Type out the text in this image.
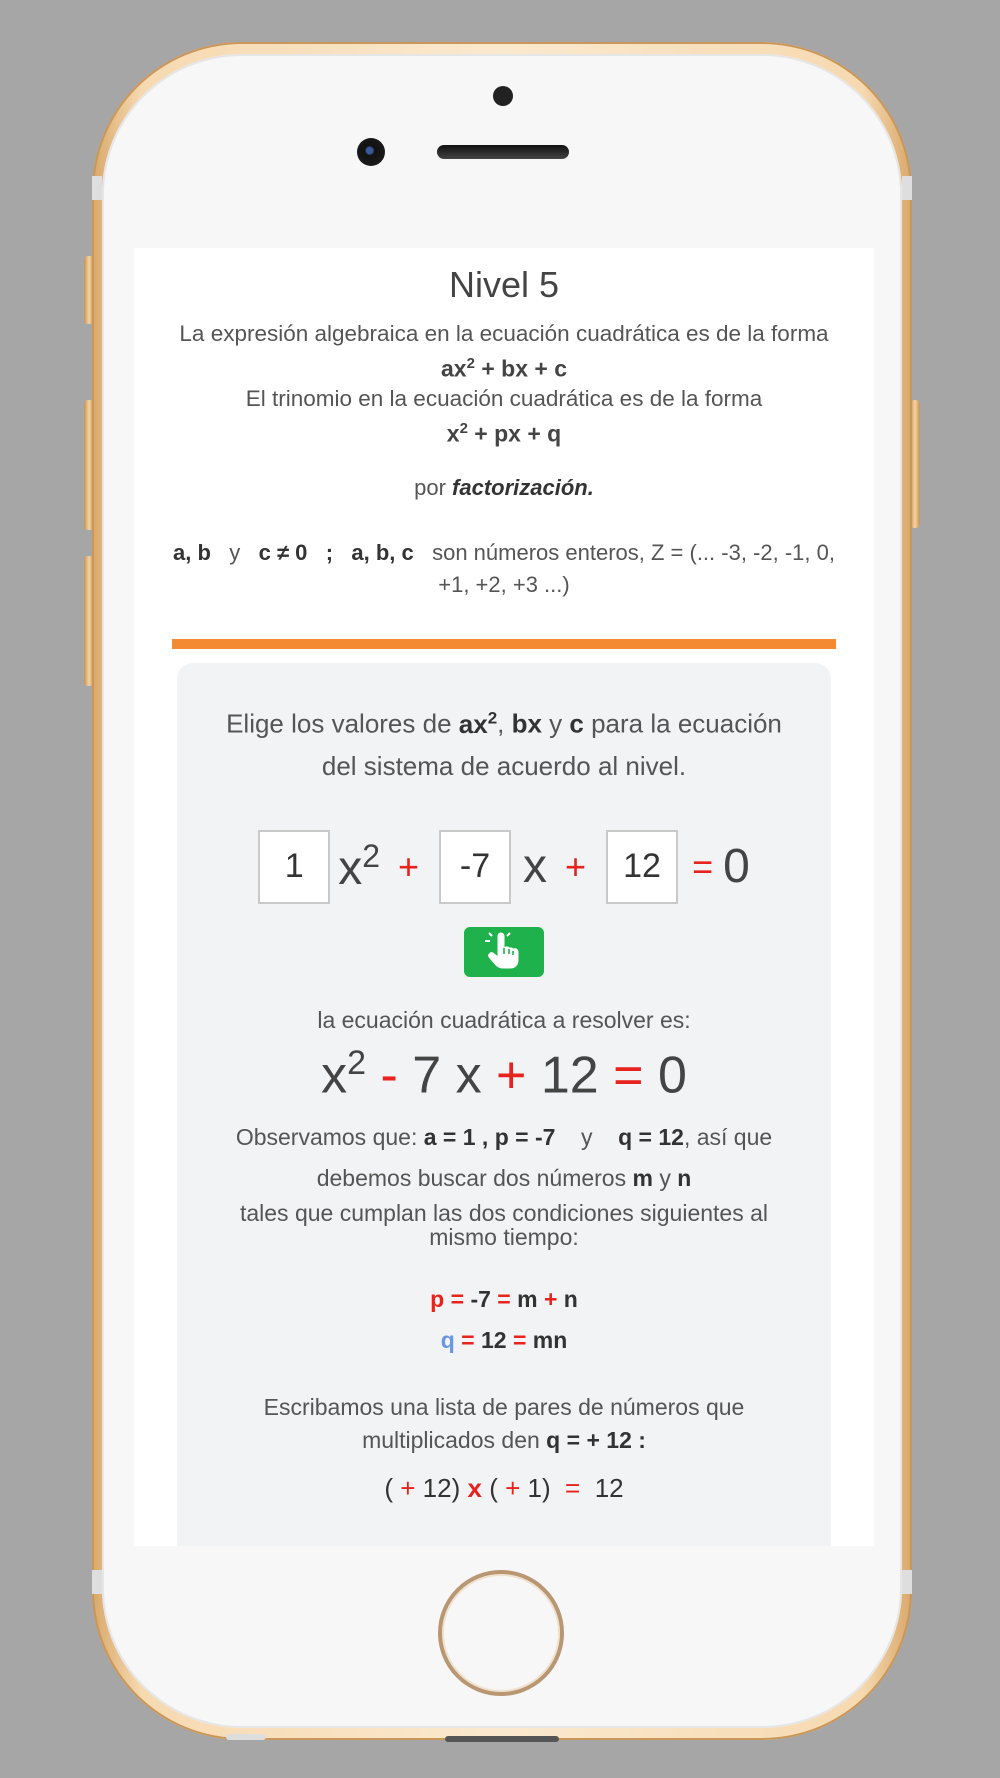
Nivel 5
La expresión algebraica en la ecuación cuadrática es de la forma
$ax^2$ + bx + c
El trinomio en la ecuación cuadrática es de la forma
$x^2$ + px + q
por factorización.
a, b y c ≠ 0 ; a, b, c son números enteros, Z = (... -3, -2, -1, 0, +1, +2, +3 ...)
Elige los valores de $ax^2$, bx y c para la ecuación del sistema de acuerdo al nivel.
1 $x^2$ +	-7 x +	12 = 0
la ecuación cuadrática a resolver es:
$x^2 - 7$ x + 12 = 0
Observamos que: a = 1 , p = -7 y q = 12, así que
debemos buscar dos números m y n
tales que cumplan las dos condiciones siguientes al mismo tiempo:
p = -7 = m + n
q = 12 = mn
Escribamos una lista de pares de números que multiplicados den q = + 12 :
( + 12) x ( + 1)  =  12
